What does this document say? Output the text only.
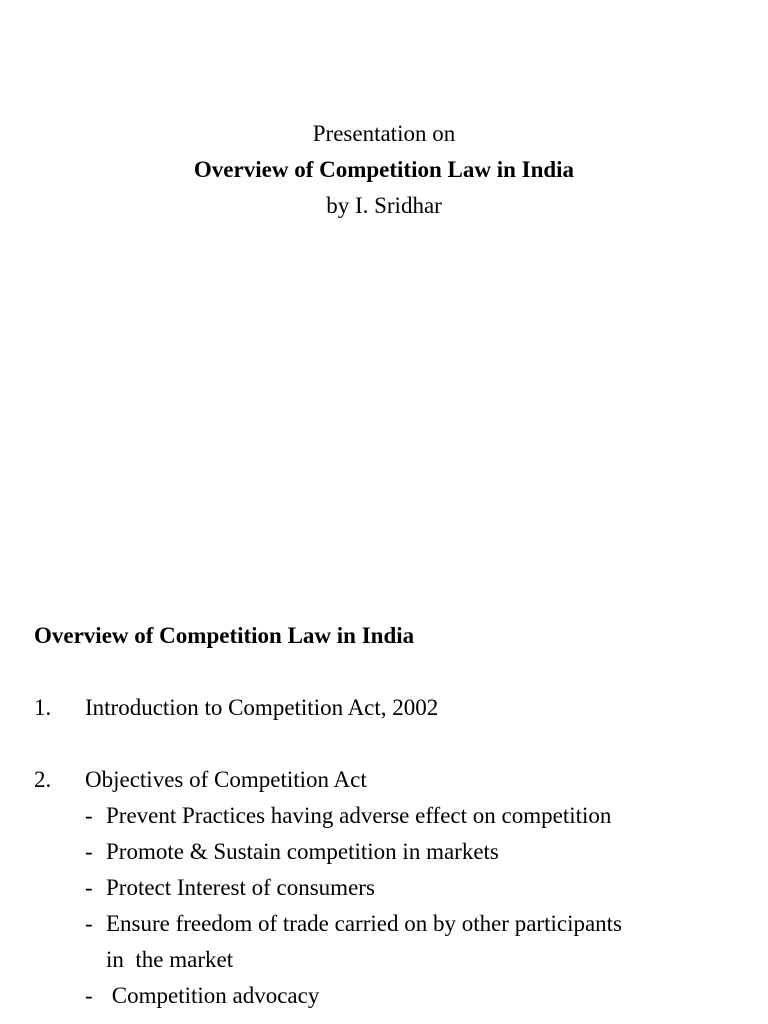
Presentation on
Overview of Competition Law in India
by I. Sridhar
Overview of Competition Law in India
1.	Introduction to Competition Act, 2002
2.	Objectives of Competition Act
- Prevent Practices having adverse effect on competition
- Promote & Sustain competition in markets
- Protect Interest of consumers
- Ensure freedom of trade carried on by other participants
in  the market
- Competition advocacy
